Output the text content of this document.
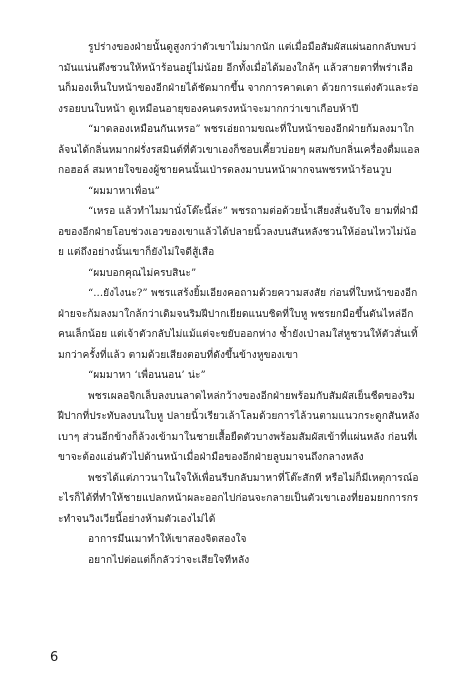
รูปร่างของฝ่ายนั้นดูสูงกว่าตัวเขาไม่มากนัก แต่เมื่อมือสัมผัสแผ่นอกกลับพบว่ามันแน่นตึงชวนให้หน้าร้อนอยู่ไม่น้อย อีกทั้งเมื่อได้มองใกล้ๆ แล้วสายตาที่พร่าเลือนก็มองเห็นใบหน้าของอีกฝ่ายได้ชัดมากขึ้น จากการคาดเดา ด้วยการแต่งตัวและร่องรอยบนใบหน้า ดูเหมือนอายุของคนตรงหน้าจะมากกว่าเขาเกือบห้าปี

“มาดลองเหมือนกันเหรอ” พชรเอ่ยถามขณะที่ใบหน้าของอีกฝ่ายก้มลงมาใกล้จนได้กลิ่นหมากฝรั่งรสมินต์ที่ตัวเขาเองก็ชอบเคี้ยวบ่อยๆ ผสมกับกลิ่นเครื่องดื่มแอลกอฮอล์ สมหายใจของผู้ชายคนนั้นเป่ารดลงมาบนหน้าผากจนพชรหน้าร้อนวูบ

“ผมมาหาเพื่อน”

“เหรอ แล้วทำไมมานั่งโต๊ะนี้ล่ะ” พชรถามต่อด้วยน้ำเสียงสั่นจับใจ ยามที่ฝ่ามือของอีกฝ่ายโอบช่วงเอวของเขาแล้วได้ปลายนิ้วลงบนสันหลังชวนให้อ่อนไหวไม่น้อย แต่ถึงอย่างนั้นเขาก็ยังไม่ใจดีสู้เสือ

“ผมบอกคุณไม่ครบสินะ”

“...ยังไงนะ?” พชรแสร้งยิ้มเอียงคอถามด้วยความสงสัย ก่อนที่ใบหน้าของอีกฝ่ายจะก้มลงมาใกล้กว่าเดิมจนริมฝีปากเยียดแนบชิดที่ใบหู พชรยกมือขึ้นดันไหล่อีกคนเล็กน้อย แต่เจ้าตัวกลับไม่แม้แต่จะขยับออกห่าง ซ้ำยังเป่าลมใส่หูชวนให้ตัวสั่นเทิ้มกว่าครั้งที่แล้ว ตามด้วยเสียงตอบที่ดังขึ้นข้างหูของเขา

“ผมมาหา ‘เพื่อนนอน’ น่ะ”

พชรเผลอจิกเล็บลงบนลาดไหล่กว้างของอีกฝ่ายพร้อมกับสัมผัสเย็นชืดของริมฝีปากที่ประทับลงบนใบหู ปลายนิ้วเรียวเล้าโลมด้วยการไล้วนตามแนวกระดูกสันหลังเบาๆ ส่วนอีกข้างก็ล้วงเข้ามาในชายเสื้อยืดตัวบางพร้อมสัมผัสเข้าที่แผ่นหลัง ก่อนที่เขาจะต้องแอ่นตัวไปด้านหน้าเมื่อฝ่ามือของอีกฝ่ายลูบมาจนถึงกลางหลัง

พชรได้แต่ภาวนาในใจให้เพื่อนรีบกลับมาหาที่โต๊ะสักที หรือไม่ก็มีเหตุการณ์อะไรก็ได้ที่ทำให้ชายแปลกหน้าผละออกไปก่อนจะกลายเป็นตัวเขาเองที่ยอมยกการกระทำจนวิงเวียนี้อย่างห้ามตัวเองไม่ได้

อาการมึนเมาทำให้เขาสองจิตสองใจ

อยากไปต่อแต่ก็กลัวว่าจะเสียใจทีหลัง

6
